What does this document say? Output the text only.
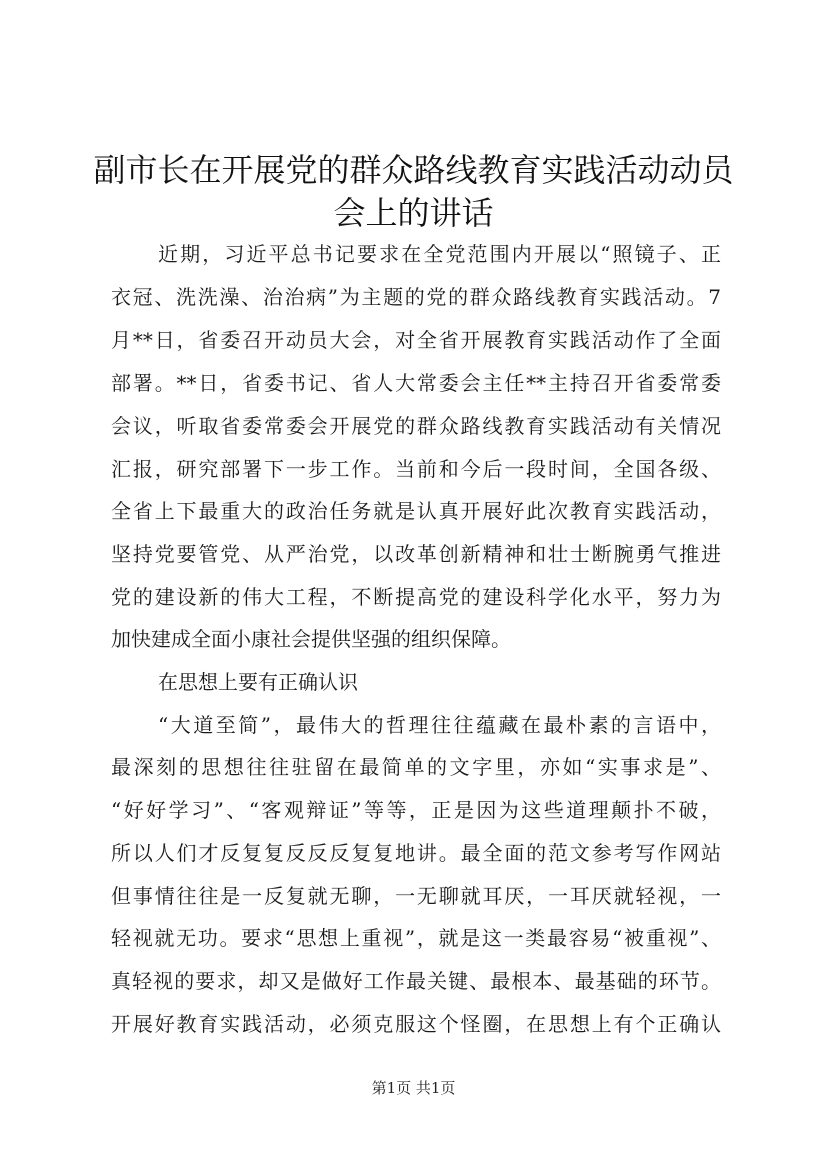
副市长在开展党的群众路线教育实践活动动员
会上的讲话
近期，习近平总书记要求在全党范围内开展以“照镜子、正
衣冠、洗洗澡、治治病”为主题的党的群众路线教育实践活动。7
月**日，省委召开动员大会，对全省开展教育实践活动作了全面
部署。**日，省委书记、省人大常委会主任**主持召开省委常委
会议，听取省委常委会开展党的群众路线教育实践活动有关情况
汇报，研究部署下一步工作。当前和今后一段时间，全国各级、
全省上下最重大的政治任务就是认真开展好此次教育实践活动，
坚持党要管党、从严治党，以改革创新精神和壮士断腕勇气推进
党的建设新的伟大工程，不断提高党的建设科学化水平，努力为
加快建成全面小康社会提供坚强的组织保障。
在思想上要有正确认识
“大道至简”，最伟大的哲理往往蕴藏在最朴素的言语中，
最深刻的思想往往驻留在最简单的文字里，亦如“实事求是”、
“好好学习”、“客观辩证”等等，正是因为这些道理颠扑不破，
所以人们才反复复反反反复复地讲。最全面的范文参考写作网站
但事情往往是一反复就无聊，一无聊就耳厌，一耳厌就轻视，一
轻视就无功。要求“思想上重视”，就是这一类最容易“被重视”、
真轻视的要求，却又是做好工作最关键、最根本、最基础的环节。
开展好教育实践活动，必须克服这个怪圈，在思想上有个正确认
第1页 共1页
